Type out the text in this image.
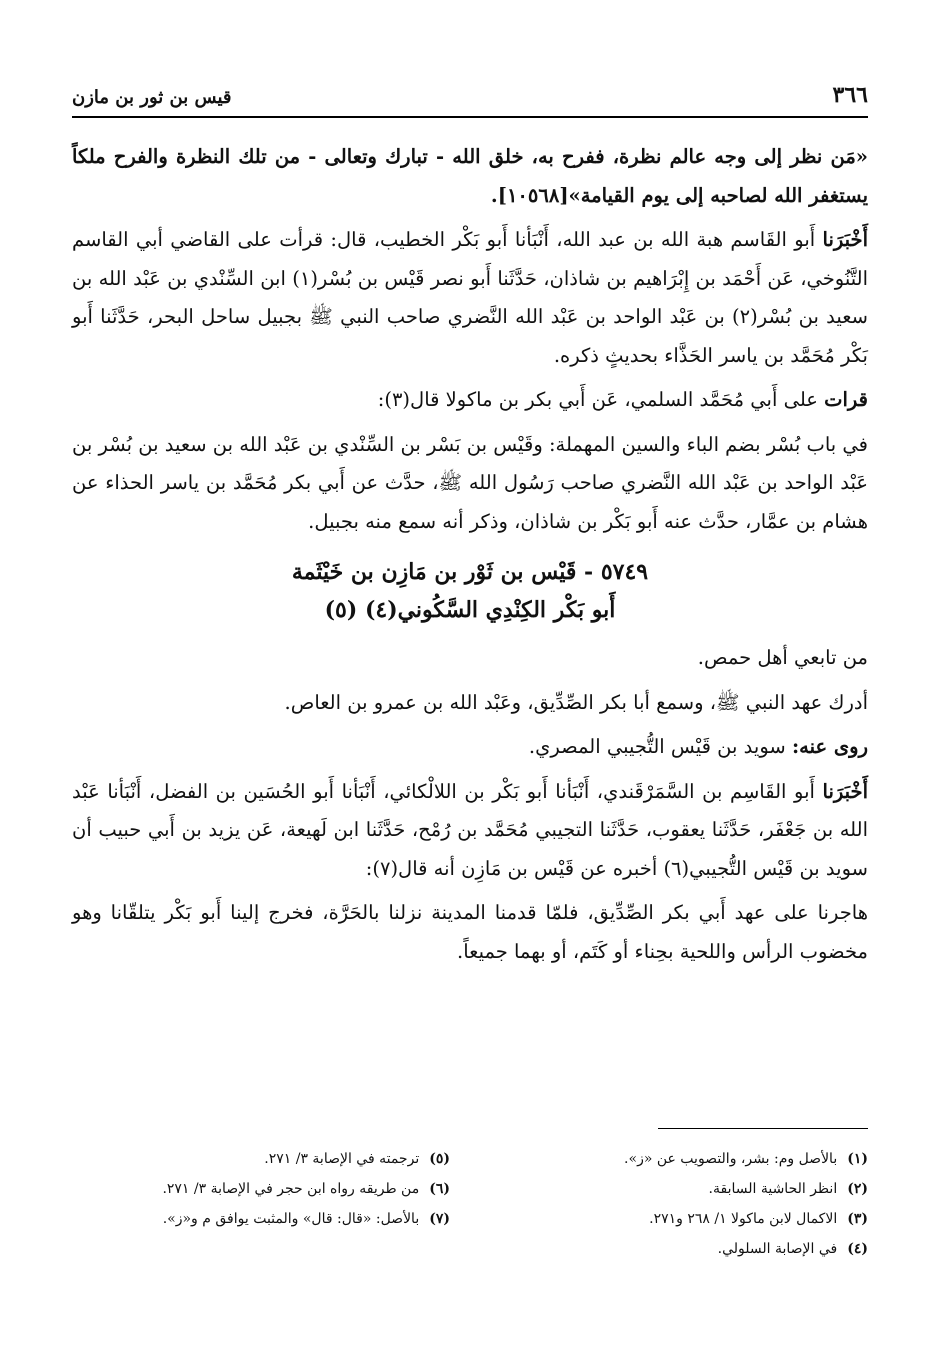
٣٦٦
قيس بن ثور بن مازن

«مَن نظر إلى وجه عالم نظرة، ففرح به، خلق الله - تبارك وتعالى - من تلك النظرة والفرح ملكاً يستغفر الله لصاحبه إلى يوم القيامة»[١٠٥٦٨].

أَخْبَرَنا أَبو القَاسم هبة الله بن عبد الله، أَنْبَأنا أَبو بَكْر الخطيب، قال: قرأت على القاضي أبي القاسم التَّنُوخي، عَن أَحْمَد بن إِبْرَاهيم بن شاذان، حَدَّثَنا أَبو نصر قَيْس بن بُسْر(١) ابن السِّنْدي بن عَبْد الله بن سعيد بن بُسْر(٢) بن عَبْد الواحد بن عَبْد الله النَّضري صاحب النبي ﷺ بجبيل ساحل البحر، حَدَّثَنا أَبو بَكْر مُحَمَّد بن ياسر الحَذَّاء بحديثٍ ذكره.

قرات على أَبي مُحَمَّد السلمي، عَن أَبي بكر بن ماكولا قال(٣):

في باب بُسْر بضم الباء والسين المهملة: وقَيْس بن بَسْر بن السِّنْدي بن عَبْد الله بن سعيد بن بُسْر بن عَبْد الواحد بن عَبْد الله النَّضري صاحب رَسُول الله ﷺ، حدَّث عن أَبي بكر مُحَمَّد بن ياسر الحذاء عن هشام بن عمَّار، حدَّث عنه أَبو بَكْر بن شاذان، وذكر أنه سمع منه بجبيل.

٥٧٤٩ - قَيْس بن ثَوْر بن مَازِن بن خَيْثَمة
أَبو بَكْر الكِنْدِي السَّكُوني(٤) (٥)

من تابعي أهل حمص.

أدرك عهد النبي ﷺ، وسمع أبا بكر الصِّدِّيق، وعَبْد الله بن عمرو بن العاص.

روى عنه: سويد بن قَيْس التُّجيبي المصري.

أَخْبَرَنا أَبو القَاسِم بن السَّمَرْقَندي، أَنْبَأنا أَبو بَكْر بن اللالْكائي، أَنْبَأنا أَبو الحُسَين بن الفضل، أَنْبَأنا عَبْد الله بن جَعْفَر، حَدَّثَنا يعقوب، حَدَّثَنا التجيبي مُحَمَّد بن رُمْح، حَدَّثَنا ابن لَهيعة، عَن يزيد بن أَبي حبيب أن سويد بن قَيْس التُّجيبي(٦) أخبره عن قَيْس بن مَازِن أنه قال(٧):

هاجرنا على عهد أَبي بكر الصِّدِّيق، فلمّا قدمنا المدينة نزلنا بالحَرَّة، فخرج إلينا أَبو بَكْر يتلقّانا وهو مخضوب الرأس واللحية بحِناء أو كَتَم، أو بهما جميعاً.

(١)بالأصل وم: بشر، والتصويب عن «ز».
(٢)انظر الحاشية السابقة.
(٣)الاكمال لابن ماكولا ١/ ٢٦٨ و٢٧١.
(٤)في الإصابة السلولي.
(٥)ترجمته في الإصابة ٣/ ٢٧١.
(٦)من طريقه رواه ابن حجر في الإصابة ٣/ ٢٧١.
(٧)بالأصل: «قال: قال» والمثبت يوافق م و«ز».
